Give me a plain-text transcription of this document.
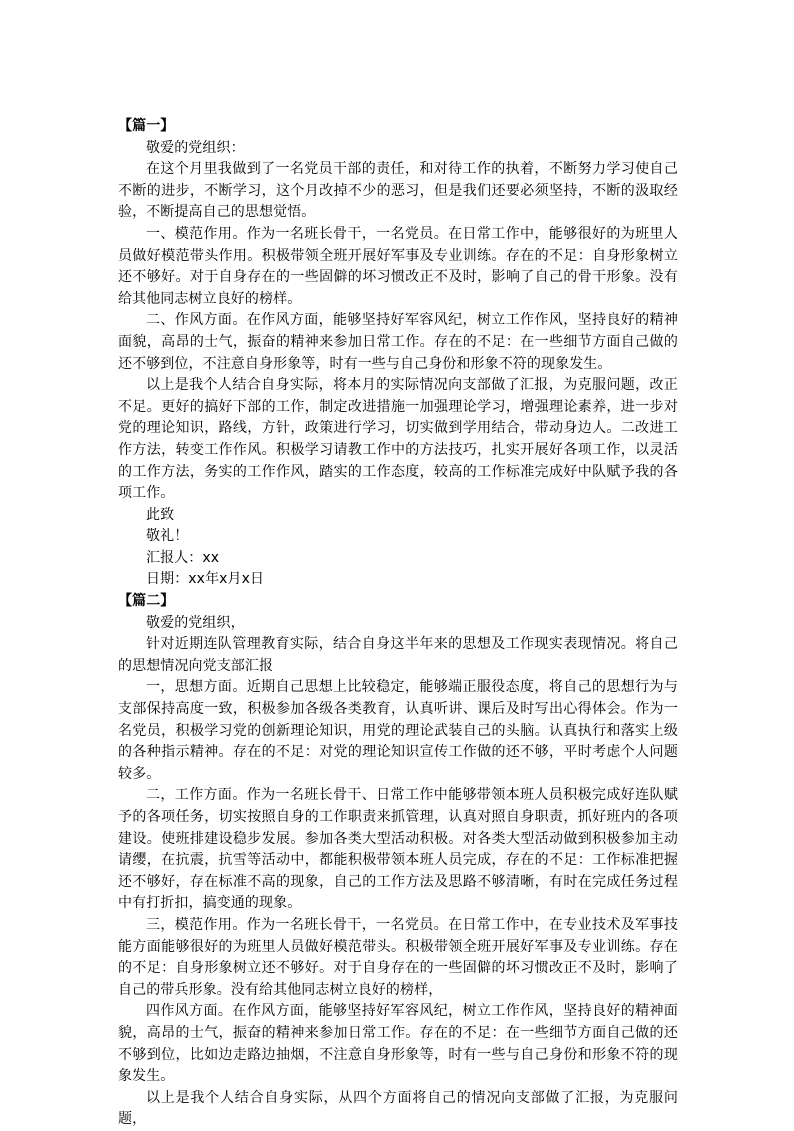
【篇一】

敬爱的党组织：

在这个月里我做到了一名党员干部的责任，和对待工作的执着，不断努力学习使自己不断的进步，不断学习，这个月改掉不少的恶习，但是我们还要必须坚持，不断的汲取经验，不断提高自己的思想觉悟。

一、模范作用。作为一名班长骨干，一名党员。在日常工作中，能够很好的为班里人员做好模范带头作用。积极带领全班开展好军事及专业训练。存在的不足：自身形象树立还不够好。对于自身存在的一些固僻的坏习惯改正不及时，影响了自己的骨干形象。没有给其他同志树立良好的榜样。

二、作风方面。在作风方面，能够坚持好军容风纪，树立工作作风，坚持良好的精神面貌，高昂的士气，振奋的精神来参加日常工作。存在的不足：在一些细节方面自己做的还不够到位，不注意自身形象等，时有一些与自己身份和形象不符的现象发生。

以上是我个人结合自身实际，将本月的实际情况向支部做了汇报，为克服问题，改正不足。更好的搞好下部的工作，制定改进措施一加强理论学习，增强理论素养，进一步对党的理论知识，路线，方针，政策进行学习，切实做到学用结合，带动身边人。二改进工作方法，转变工作作风。积极学习请教工作中的方法技巧，扎实开展好各项工作，以灵活的工作方法，务实的工作作风，踏实的工作态度，较高的工作标准完成好中队赋予我的各项工作。

此致

敬礼！

汇报人：xx

日期：xx年x月x日

【篇二】

敬爱的党组织，

针对近期连队管理教育实际，结合自身这半年来的思想及工作现实表现情况。将自己的思想情况向党支部汇报

一，思想方面。近期自己思想上比较稳定，能够端正服役态度，将自己的思想行为与支部保持高度一致，积极参加各级各类教育，认真听讲、课后及时写出心得体会。作为一名党员，积极学习党的创新理论知识，用党的理论武装自己的头脑。认真执行和落实上级的各种指示精神。存在的不足：对党的理论知识宣传工作做的还不够，平时考虑个人问题较多。

二，工作方面。作为一名班长骨干、日常工作中能够带领本班人员积极完成好连队赋予的各项任务，切实按照自身的工作职责来抓管理，认真对照自身职责，抓好班内的各项建设。使班排建设稳步发展。参加各类大型活动积极。对各类大型活动做到积极参加主动请缨，在抗震，抗雪等活动中，都能积极带领本班人员完成，存在的不足：工作标准把握还不够好，存在标准不高的现象，自己的工作方法及思路不够清晰，有时在完成任务过程中有打折扣，搞变通的现象。

三，模范作用。作为一名班长骨干，一名党员。在日常工作中，在专业技术及军事技能方面能够很好的为班里人员做好模范带头。积极带领全班开展好军事及专业训练。存在的不足：自身形象树立还不够好。对于自身存在的一些固僻的坏习惯改正不及时，影响了自己的带兵形象。没有给其他同志树立良好的榜样，

四作风方面。在作风方面，能够坚持好军容风纪，树立工作作风，坚持良好的精神面貌，高昂的士气，振奋的精神来参加日常工作。存在的不足：在一些细节方面自己做的还不够到位，比如边走路边抽烟，不注意自身形象等，时有一些与自己身份和形象不符的现象发生。

以上是我个人结合自身实际，从四个方面将自己的情况向支部做了汇报，为克服问题，
